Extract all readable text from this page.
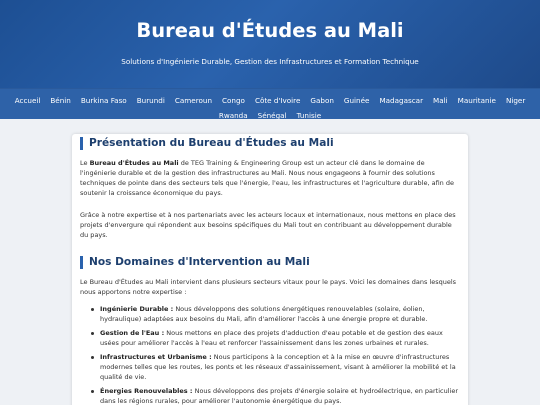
Bureau d'Études au Mali

Solutions d'Ingénierie Durable, Gestion des Infrastructures et Formation Technique

Accueil Bénin Burkina Faso Burundi Cameroun Congo Côte d'Ivoire Gabon Guinée Madagascar Mali Mauritanie Niger
Rwanda Sénégal Tunisie
Présentation du Bureau d'Études au Mali

Le Bureau d'Études au Mali de TEG Training & Engineering Group est un acteur clé dans le domaine de l'ingénierie durable et de la gestion des infrastructures au Mali. Nous nous engageons à fournir des solutions techniques de pointe dans des secteurs tels que l'énergie, l'eau, les infrastructures et l'agriculture durable, afin de soutenir la croissance économique du pays.

Grâce à notre expertise et à nos partenariats avec les acteurs locaux et internationaux, nous mettons en place des projets d'envergure qui répondent aux besoins spécifiques du Mali tout en contribuant au développement durable du pays.

Nos Domaines d'Intervention au Mali

Le Bureau d'Études au Mali intervient dans plusieurs secteurs vitaux pour le pays. Voici les domaines dans lesquels nous apportons notre expertise :

Ingénierie Durable : Nous développons des solutions énergétiques renouvelables (solaire, éolien, hydraulique) adaptées aux besoins du Mali, afin d'améliorer l'accès à une énergie propre et durable.
Gestion de l'Eau : Nous mettons en place des projets d'adduction d'eau potable et de gestion des eaux usées pour améliorer l'accès à l'eau et renforcer l'assainissement dans les zones urbaines et rurales.
Infrastructures et Urbanisme : Nous participons à la conception et à la mise en œuvre d'infrastructures modernes telles que les routes, les ponts et les réseaux d'assainissement, visant à améliorer la mobilité et la qualité de vie.
Énergies Renouvelables : Nous développons des projets d'énergie solaire et hydroélectrique, en particulier dans les régions rurales, pour améliorer l'autonomie énergétique du pays.
